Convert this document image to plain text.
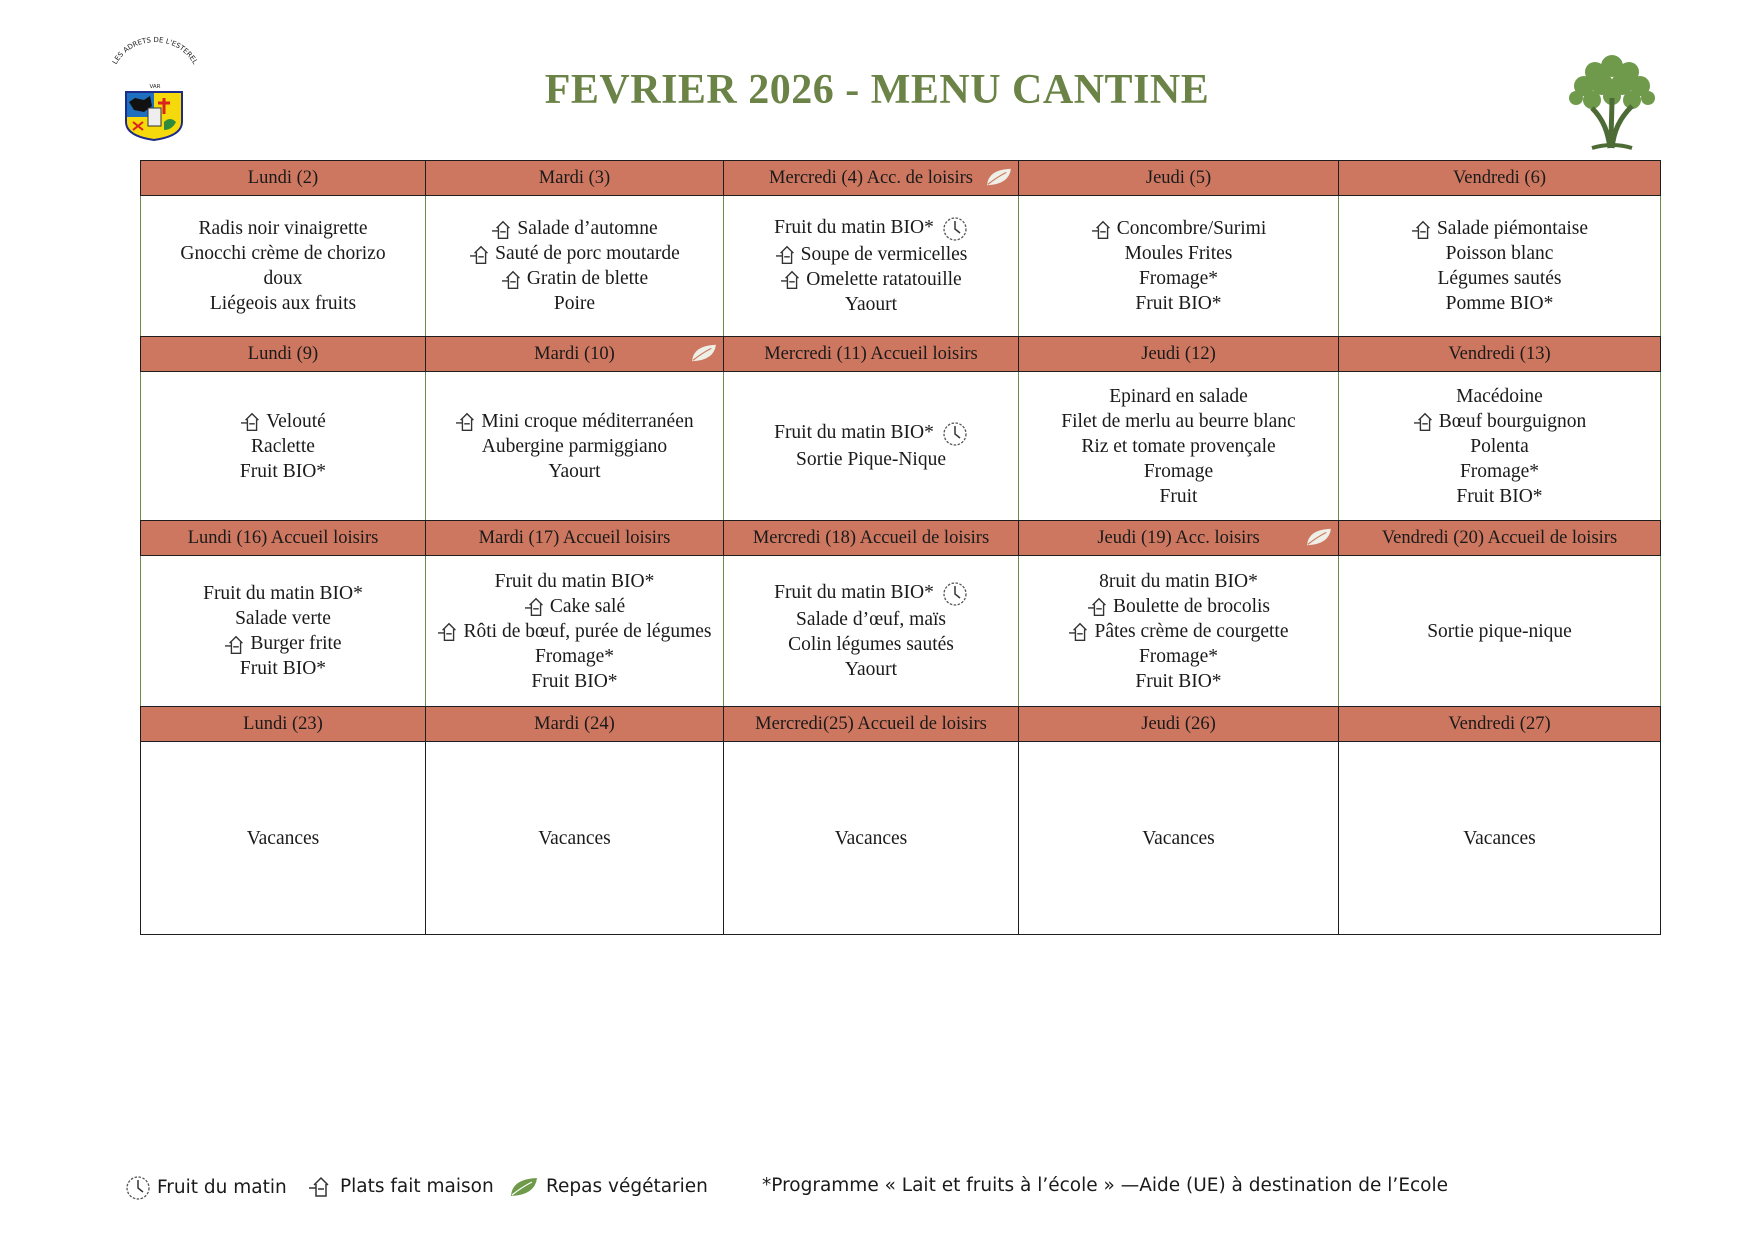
LES ADRETS DE L'ESTEREL
VAR	FEVRIER 2026 - MENU CANTINE
Lundi (2)	Mardi (3)	Mercredi (4) Acc. de loisirs	Jeudi (5)	Vendredi (6)

Radis noir vinaigrette
Gnocchi crème de chorizo
doux
Liégeois aux fruits	Salade d’automne
Sauté de porc moutarde
Gratin de blette
Poire	Fruit du matin BIO*
Soupe de vermicelles
Omelette ratatouille
Yaourt	Concombre/Surimi
Moules Frites
Fromage*
Fruit BIO*	Salade piémontaise
Poisson blanc
Légumes sautés
Pomme BIO*

Lundi (9)	Mardi (10)	Mercredi (11) Accueil loisirs	Jeudi (12)	Vendredi (13)

Velouté
Raclette
Fruit BIO*	Mini croque méditerranéen
Aubergine parmiggiano
Yaourt	Fruit du matin BIO*
Sortie Pique-Nique	Epinard en salade
Filet de merlu au beurre blanc
Riz et tomate provençale
Fromage
Fruit	Macédoine
Bœuf bourguignon
Polenta
Fromage*
Fruit BIO*

Lundi (16) Accueil loisirs	Mardi (17) Accueil loisirs	Mercredi (18) Accueil de loisirs	Jeudi (19) Acc. loisirs	Vendredi (20) Accueil de loisirs

Fruit du matin BIO*
Salade verte
Burger frite
Fruit BIO*	Fruit du matin BIO*
Cake salé
Rôti de bœuf, purée de légumes
Fromage*
Fruit BIO*	Fruit du matin BIO*
Salade d’œuf, maïs
Colin légumes sautés
Yaourt	8ruit du matin BIO*
Boulette de brocolis
Pâtes crème de courgette
Fromage*
Fruit BIO*	Sortie pique-nique

Lundi (23)	Mardi (24)	Mercredi(25) Accueil de loisirs	Jeudi (26)	Vendredi (27)

Vacances	Vacances	Vacances	Vacances	Vacances
Fruit du matin	Plats fait maison	Repas végétarien	*Programme « Lait et fruits à l’école » —Aide (UE) à destination de l’Ecole
